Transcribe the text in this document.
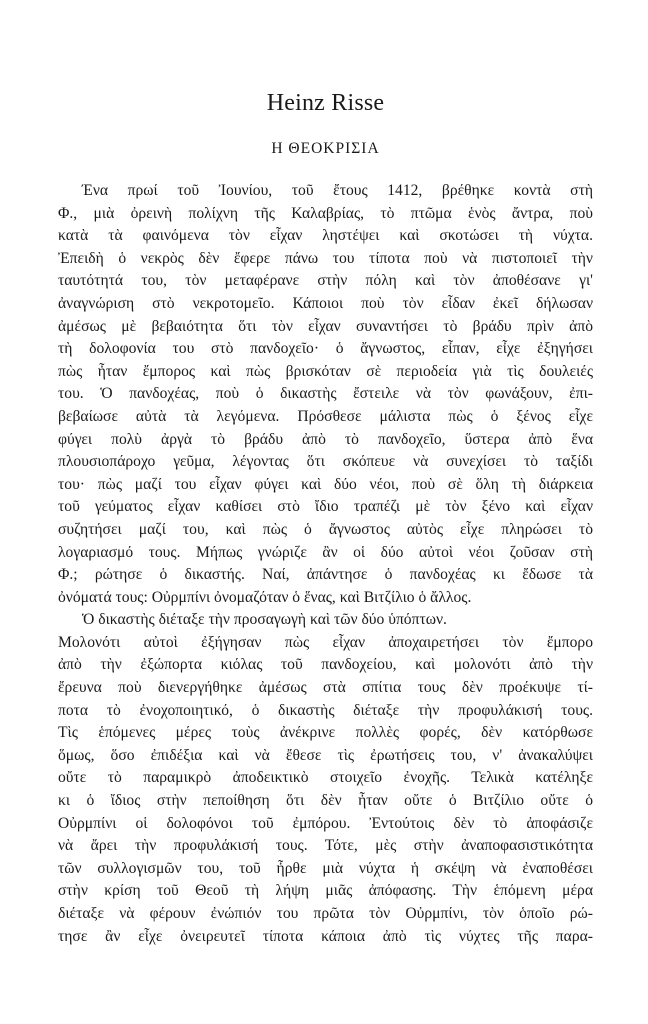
Heinz Risse
Η ΘΕΟΚΡΙΣΙΑ
Ένα πρωί τοῦ Ἰουνίου, τοῦ ἔτους 1412, βρέθηκε κοντὰ στὴ
Φ., μιὰ ὀρεινὴ πολίχνη τῆς Καλαβρίας, τὸ πτῶμα ἑνὸς ἄντρα, ποὺ
κατὰ τὰ φαινόμενα τὸν εἶχαν ληστέψει καὶ σκοτώσει τὴ νύχτα.
Ἐπειδὴ ὁ νεκρὸς δὲν ἔφερε πάνω του τίποτα ποὺ νὰ πιστοποιεῖ τὴν
ταυτότητά του, τὸν μεταφέρανε στὴν πόλη καὶ τὸν ἀποθέσανε γι'
ἀναγνώριση στὸ νεκροτομεῖο. Κάποιοι ποὺ τὸν εἶδαν ἐκεῖ δήλωσαν
ἀμέσως μὲ βεβαιότητα ὅτι τὸν εἶχαν συναντήσει τὸ βράδυ πρὶν ἀπὸ
τὴ δολοφονία του στὸ πανδοχεῖο· ὁ ἄγνωστος, εἶπαν, εἶχε ἐξηγήσει
πὼς ἦταν ἔμπορος καὶ πὼς βρισκόταν σὲ περιοδεία γιὰ τὶς δουλειές
του. Ὁ πανδοχέας, ποὺ ὁ δικαστὴς ἔστειλε νὰ τὸν φωνάξουν, ἐπι-
βεβαίωσε αὐτὰ τὰ λεγόμενα. Πρόσθεσε μάλιστα πὼς ὁ ξένος εἶχε
φύγει πολὺ ἀργὰ τὸ βράδυ ἀπὸ τὸ πανδοχεῖο, ὕστερα ἀπὸ ἕνα
πλουσιοπάροχο γεῦμα, λέγοντας ὅτι σκόπευε νὰ συνεχίσει τὸ ταξίδι
του· πὼς μαζί του εἶχαν φύγει καὶ δύο νέοι, ποὺ σὲ ὅλη τὴ διάρκεια
τοῦ γεύματος εἶχαν καθίσει στὸ ἴδιο τραπέζι μὲ τὸν ξένο καὶ εἶχαν
συζητήσει μαζί του, καὶ πὼς ὁ ἄγνωστος αὐτὸς εἶχε πληρώσει τὸ
λογαριασμό τους. Μήπως γνώριζε ἂν οἱ δύο αὐτοὶ νέοι ζοῦσαν στὴ
Φ.; ρώτησε ὁ δικαστής. Ναί, ἀπάντησε ὁ πανδοχέας κι ἔδωσε τὰ
ὀνόματά τους: Οὐρμπίνι ὀνομαζόταν ὁ ἕνας, καὶ Βιτζίλιο ὁ ἄλλος.
Ὁ δικαστὴς διέταξε τὴν προσαγωγὴ καὶ τῶν δύο ὑπόπτων.
Μολονότι αὐτοὶ ἐξήγησαν πὼς εἶχαν ἀποχαιρετήσει τὸν ἔμπορο
ἀπὸ τὴν ἐξώπορτα κιόλας τοῦ πανδοχείου, καὶ μολονότι ἀπὸ τὴν
ἔρευνα ποὺ διενεργήθηκε ἀμέσως στὰ σπίτια τους δὲν προέκυψε τί-
ποτα τὸ ἐνοχοποιητικό, ὁ δικαστὴς διέταξε τὴν προφυλάκισή τους.
Τὶς ἑπόμενες μέρες τοὺς ἀνέκρινε πολλὲς φορές, δὲν κατόρθωσε
ὅμως, ὅσο ἐπιδέξια καὶ νὰ ἔθεσε τὶς ἐρωτήσεις του, ν' ἀνακαλύψει
οὔτε τὸ παραμικρὸ ἀποδεικτικὸ στοιχεῖο ἐνοχῆς. Τελικὰ κατέληξε
κι ὁ ἴδιος στὴν πεποίθηση ὅτι δὲν ἦταν οὔτε ὁ Βιτζίλιο οὔτε ὁ
Οὐρμπίνι οἱ δολοφόνοι τοῦ ἐμπόρου. Ἐντούτοις δὲν τὸ ἀποφάσιζε
νὰ ἄρει τὴν προφυλάκισή τους. Τότε, μὲς στὴν ἀναποφασιστικότητα
τῶν συλλογισμῶν του, τοῦ ἦρθε μιὰ νύχτα ἡ σκέψη νὰ ἐναποθέσει
στὴν κρίση τοῦ Θεοῦ τὴ λήψη μιᾶς ἀπόφασης. Τὴν ἑπόμενη μέρα
διέταξε νὰ φέρουν ἐνώπιόν του πρῶτα τὸν Οὐρμπίνι, τὸν ὁποῖο ρώ-
τησε ἂν εἶχε ὀνειρευτεῖ τίποτα κάποια ἀπὸ τὶς νύχτες τῆς παρα-
